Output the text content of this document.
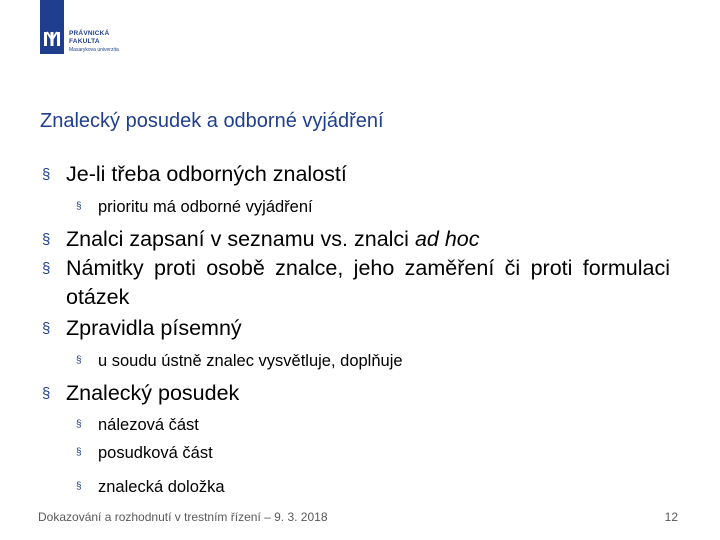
PRÁVNICKÁ
FAKULTA
Masarykova univerzita
Znalecký posudek a odborné vyjádření
§ Je-li třeba odborných znalostí
§ prioritu má odborné vyjádření
§ Znalci zapsaní v seznamu vs. znalci ad hoc
§ Námitky proti osobě znalce, jeho zaměření či proti formulaci otázek
§ Zpravidla písemný
§ u soudu ústně znalec vysvětluje, doplňuje
§ Znalecký posudek
§ nálezová část
§ posudková část
§ znalecká doložka
Dokazování a rozhodnutí v trestním řízení – 9. 3. 2018	12
